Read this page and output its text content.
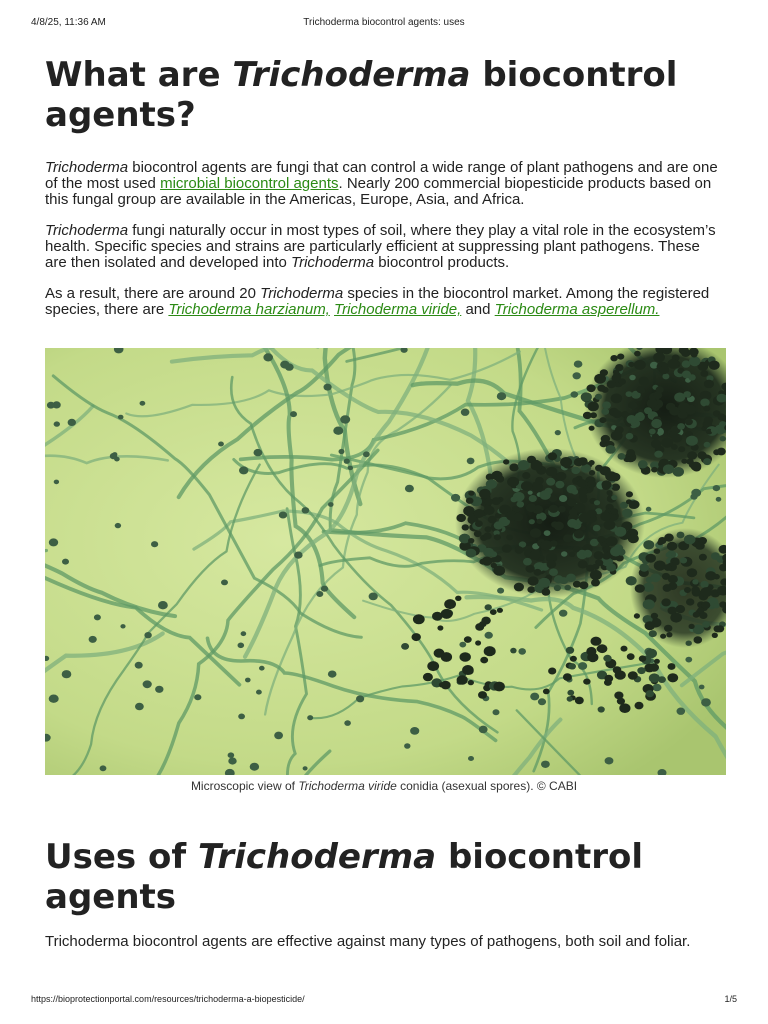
4/8/25, 11:36 AM	Trichoderma biocontrol agents: uses
What are Trichoderma biocontrol agents?

Trichoderma biocontrol agents are fungi that can control a wide range of plant pathogens and are one of the most used microbial biocontrol agents. Nearly 200 commercial biopesticide products based on this fungal group are available in the Americas, Europe, Asia, and Africa.

Trichoderma fungi naturally occur in most types of soil, where they play a vital role in the ecosystem’s health. Specific species and strains are particularly efficient at suppressing plant pathogens. These are then isolated and developed into Trichoderma biocontrol products.

As a result, there are around 20 Trichoderma species in the biocontrol market. Among the registered species, there are Trichoderma harzianum, Trichoderma viride, and Trichoderma asperellum.

Microscopic view of Trichoderma viride conidia (asexual spores). © CABI
Uses of Trichoderma biocontrol agents

Trichoderma biocontrol agents are effective against many types of pathogens, both soil and foliar.

https://bioprotectionportal.com/resources/trichoderma-a-biopesticide/	1/5
